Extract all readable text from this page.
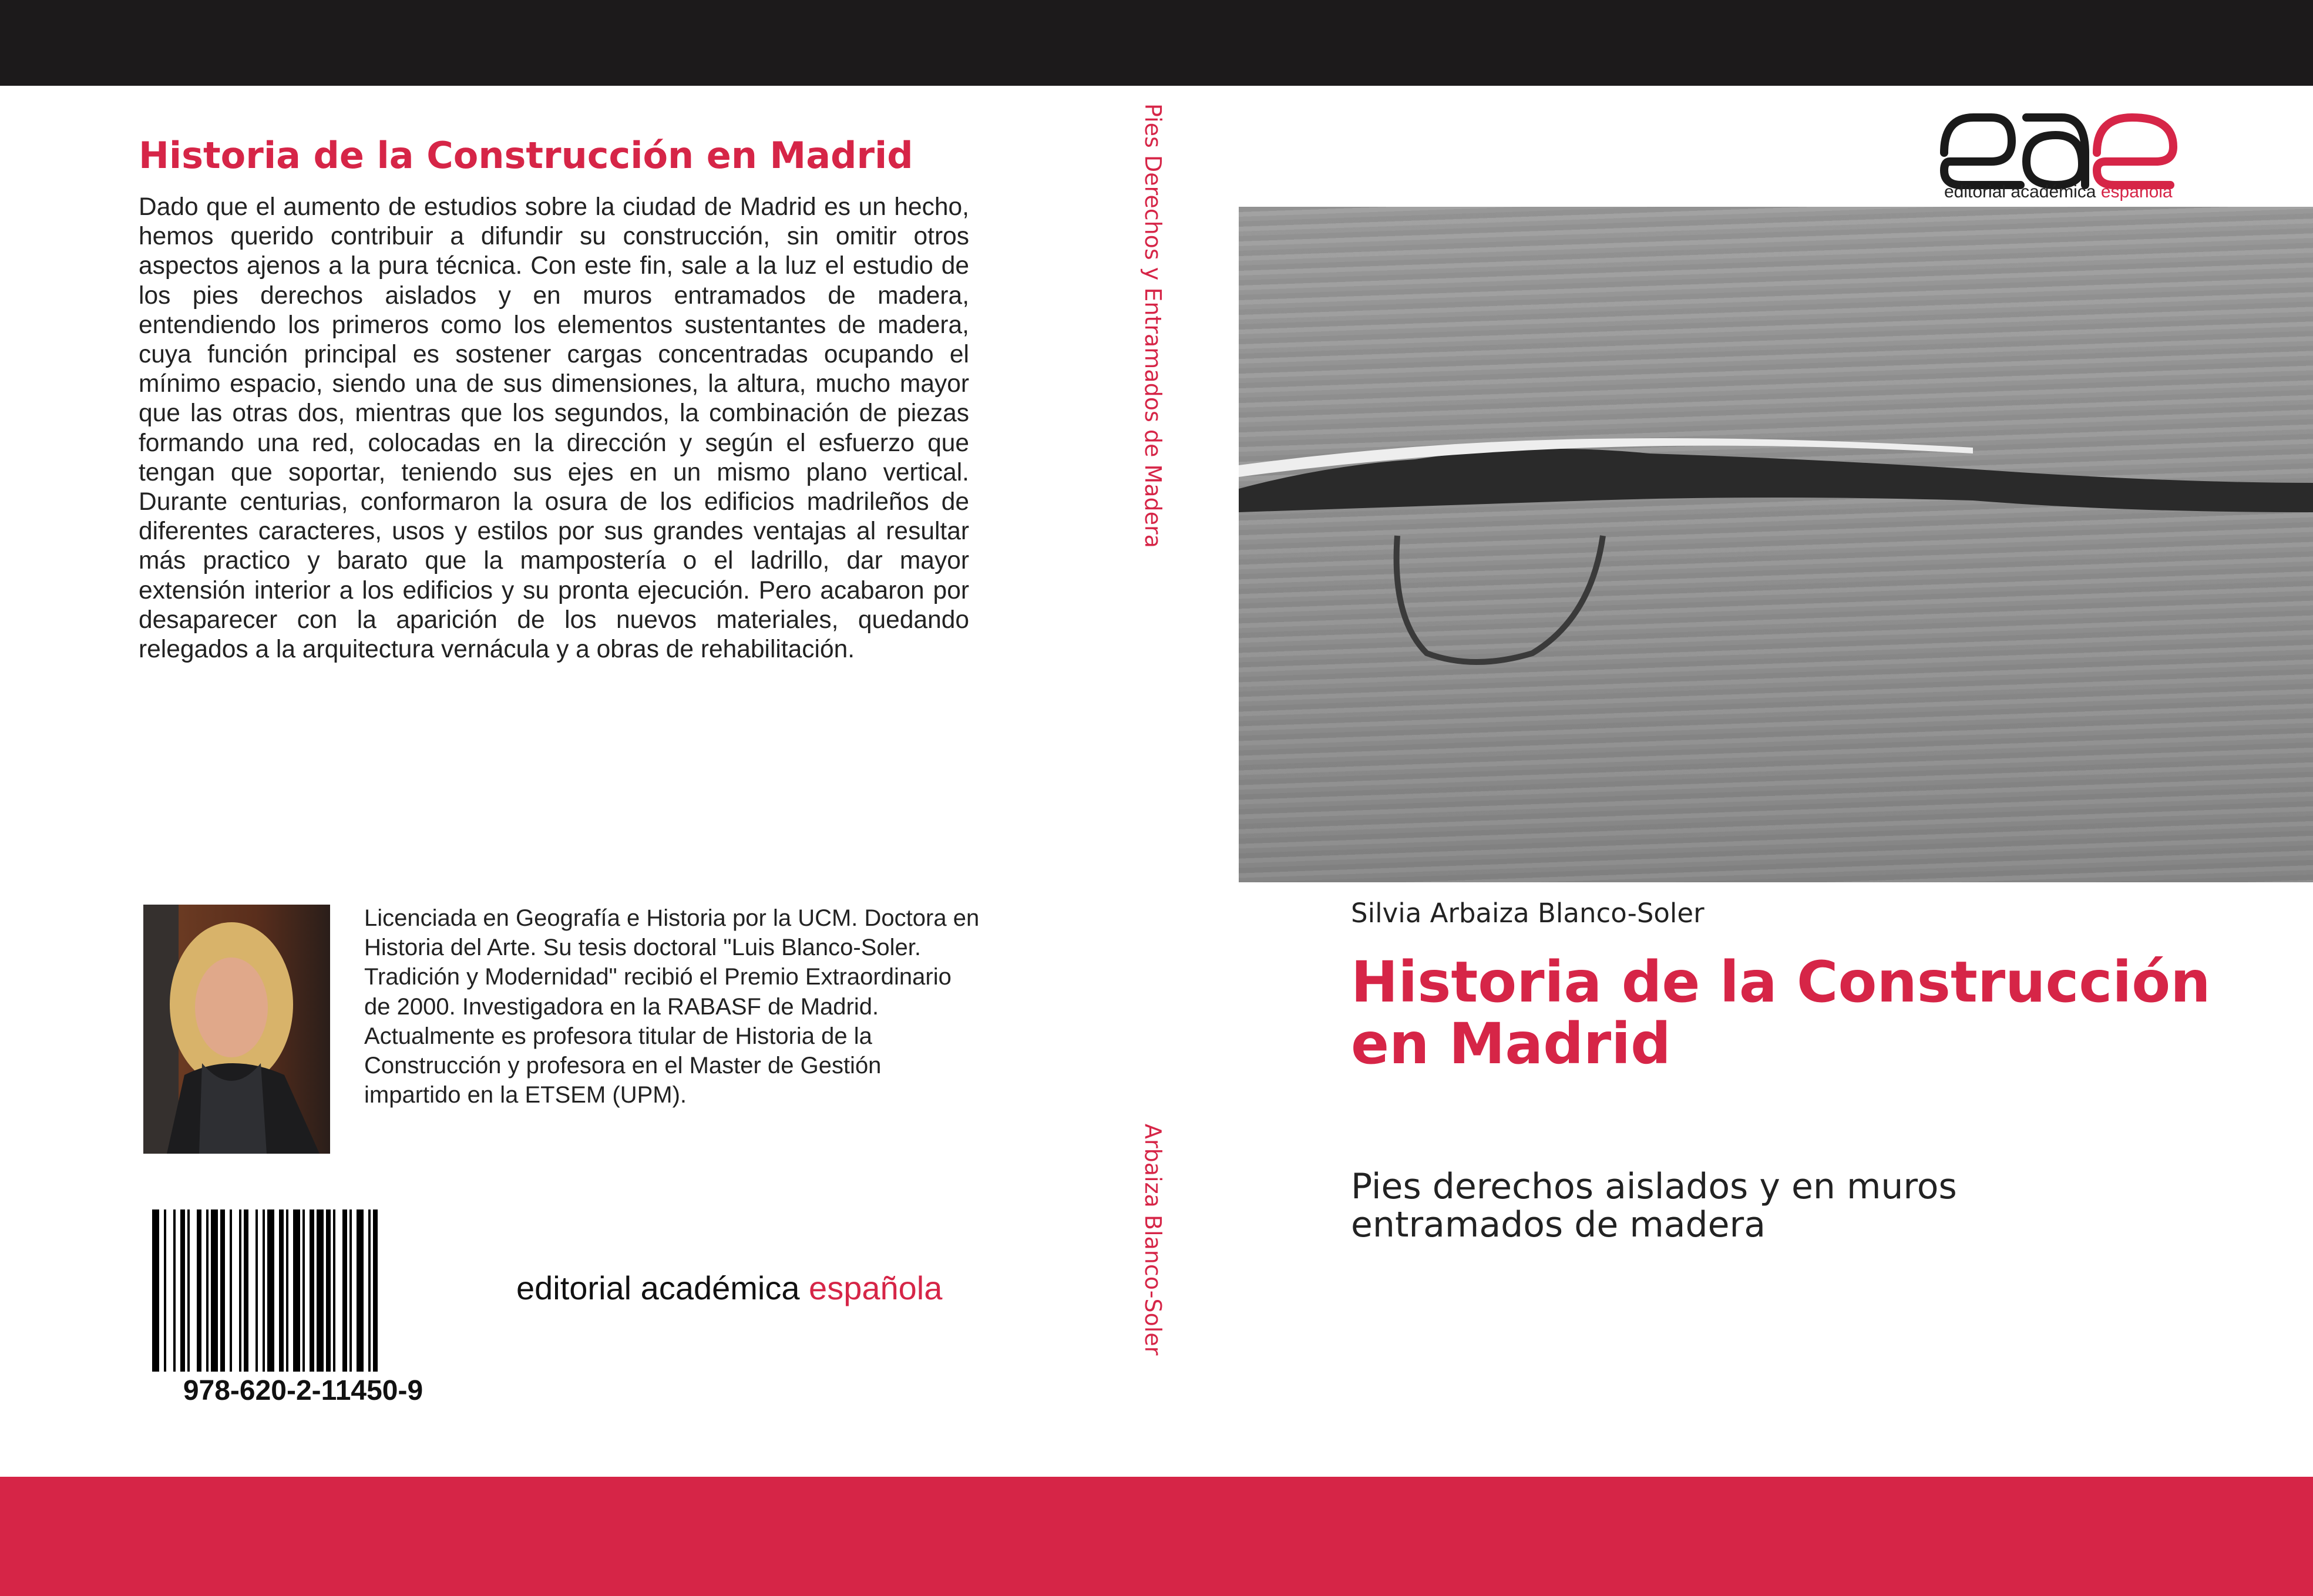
Historia de la Construcción en Madrid

Dado que el aumento de estudios sobre la ciudad de Madrid es un hecho, hemos querido contribuir a difundir su construcción, sin omitir otros aspectos ajenos a la pura técnica. Con este fin, sale a la luz el estudio de los pies derechos aislados y en muros entramados de madera, entendiendo los primeros como los elementos sustentantes de madera, cuya función principal es sostener cargas concentradas ocupando el mínimo espacio, siendo una de sus dimensiones, la altura, mucho mayor que las otras dos, mientras que los segundos, la combinación de piezas formando una red, colocadas en la dirección y según el esfuerzo que tengan que soportar, teniendo sus ejes en un mismo plano vertical. Durante centurias, conformaron la osura de los edificios madrileños de diferentes caracteres, usos y estilos por sus grandes ventajas al resultar más practico y barato que la mampostería o el ladrillo, dar mayor extensión interior a los edificios y su pronta ejecución. Pero acabaron por desaparecer con la aparición de los nuevos materiales, quedando relegados a la arquitectura vernácula y a obras de rehabilitación.

Licenciada en Geografía e Historia por la UCM. Doctora en Historia del Arte. Su tesis doctoral "Luis Blanco-Soler. Tradición y Modernidad" recibió el Premio Extraordinario de 2000. Investigadora en la RABASF de Madrid. Actualmente es profesora titular de Historia de la Construcción y profesora en el Master de Gestión impartido en la ETSEM (UPM).

978-620-2-11450-9
editorial académica española
Pies Derechos y Entramados de Madera
Arbaiza Blanco-Soler
editorial académica española
Silvia Arbaiza Blanco-Soler
Historia de la Construcción en Madrid

Pies derechos aislados y en muros entramados de madera
